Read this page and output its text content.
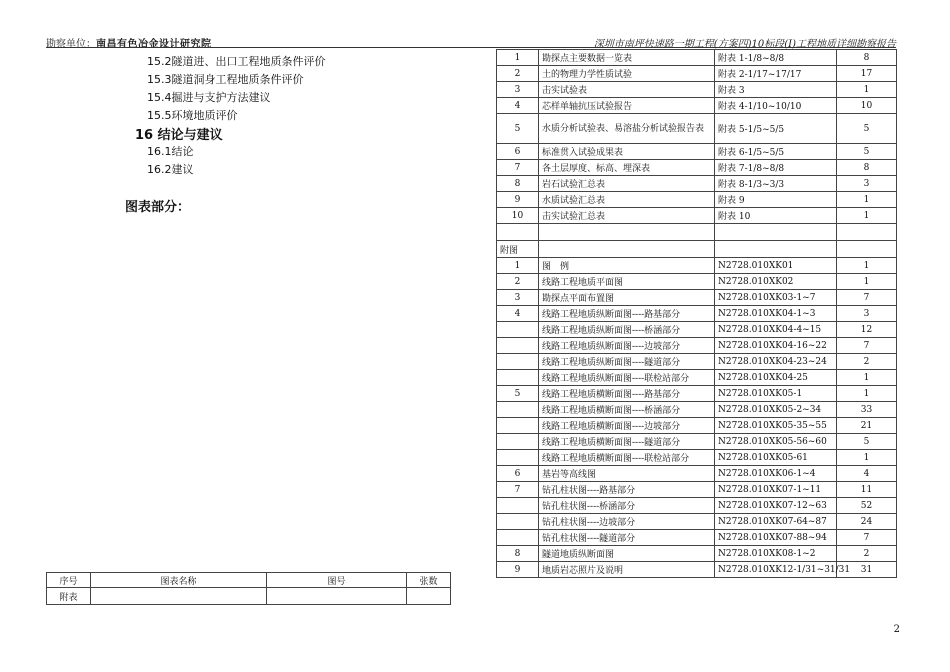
勘察单位：南昌有色冶金设计研究院	深圳市南坪快速路一期工程(方案四)10标段(Ⅰ)工程地质详细勘察报告
15.2隧道进、出口工程地质条件评价
15.3隧道洞身工程地质条件评价
15.4掘进与支护方法建议
15.5环境地质评价
16 结论与建议
16.1结论
16.2建议
图表部分：
序号	图表名称	图号	张数
附表			
1	勘探点主要数据一览表	附表 1-1/8~8/8	8
2	土的物理力学性质试验	附表 2-1/17~17/17	17
3	击实试验表	附表 3	1
4	芯样单轴抗压试验报告	附表 4-1/10~10/10	10
5	水质分析试验表、易溶盐分析试验报告表	附表 5-1/5~5/5	5
6	标准贯入试验成果表	附表 6-1/5~5/5	5
7	各土层厚度、标高、埋深表	附表 7-1/8~8/8	8
8	岩石试验汇总表	附表 8-1/3~3/3	3
9	水质试验汇总表	附表 9	1
10	击实试验汇总表	附表 10	1

附图			
1	图　例	N2728.010XK01	1
2	线路工程地质平面图	N2728.010XK02	1
3	勘探点平面布置图	N2728.010XK03-1~7	7
4	线路工程地质纵断面图----路基部分	N2728.010XK04-1~3	3
	线路工程地质纵断面图----桥涵部分	N2728.010XK04-4~15	12
	线路工程地质纵断面图----边坡部分	N2728.010XK04-16~22	7
	线路工程地质纵断面图----隧道部分	N2728.010XK04-23~24	2
	线路工程地质纵断面图----联检站部分	N2728.010XK04-25	1
5	线路工程地质横断面图----路基部分	N2728.010XK05-1	1
	线路工程地质横断面图----桥涵部分	N2728.010XK05-2~34	33
	线路工程地质横断面图----边坡部分	N2728.010XK05-35~55	21
	线路工程地质横断面图----隧道部分	N2728.010XK05-56~60	5
	线路工程地质横断面图----联检站部分	N2728.010XK05-61	1
6	基岩等高线图	N2728.010XK06-1~4	4
7	钻孔柱状图----路基部分	N2728.010XK07-1~11	11
	钻孔柱状图----桥涵部分	N2728.010XK07-12~63	52
	钻孔柱状图----边坡部分	N2728.010XK07-64~87	24
	钻孔柱状图----隧道部分	N2728.010XK07-88~94	7
8	隧道地质纵断面图	N2728.010XK08-1~2	2
9	地质岩芯照片及说明	N2728.010XK12-1/31~31/31	31
2
